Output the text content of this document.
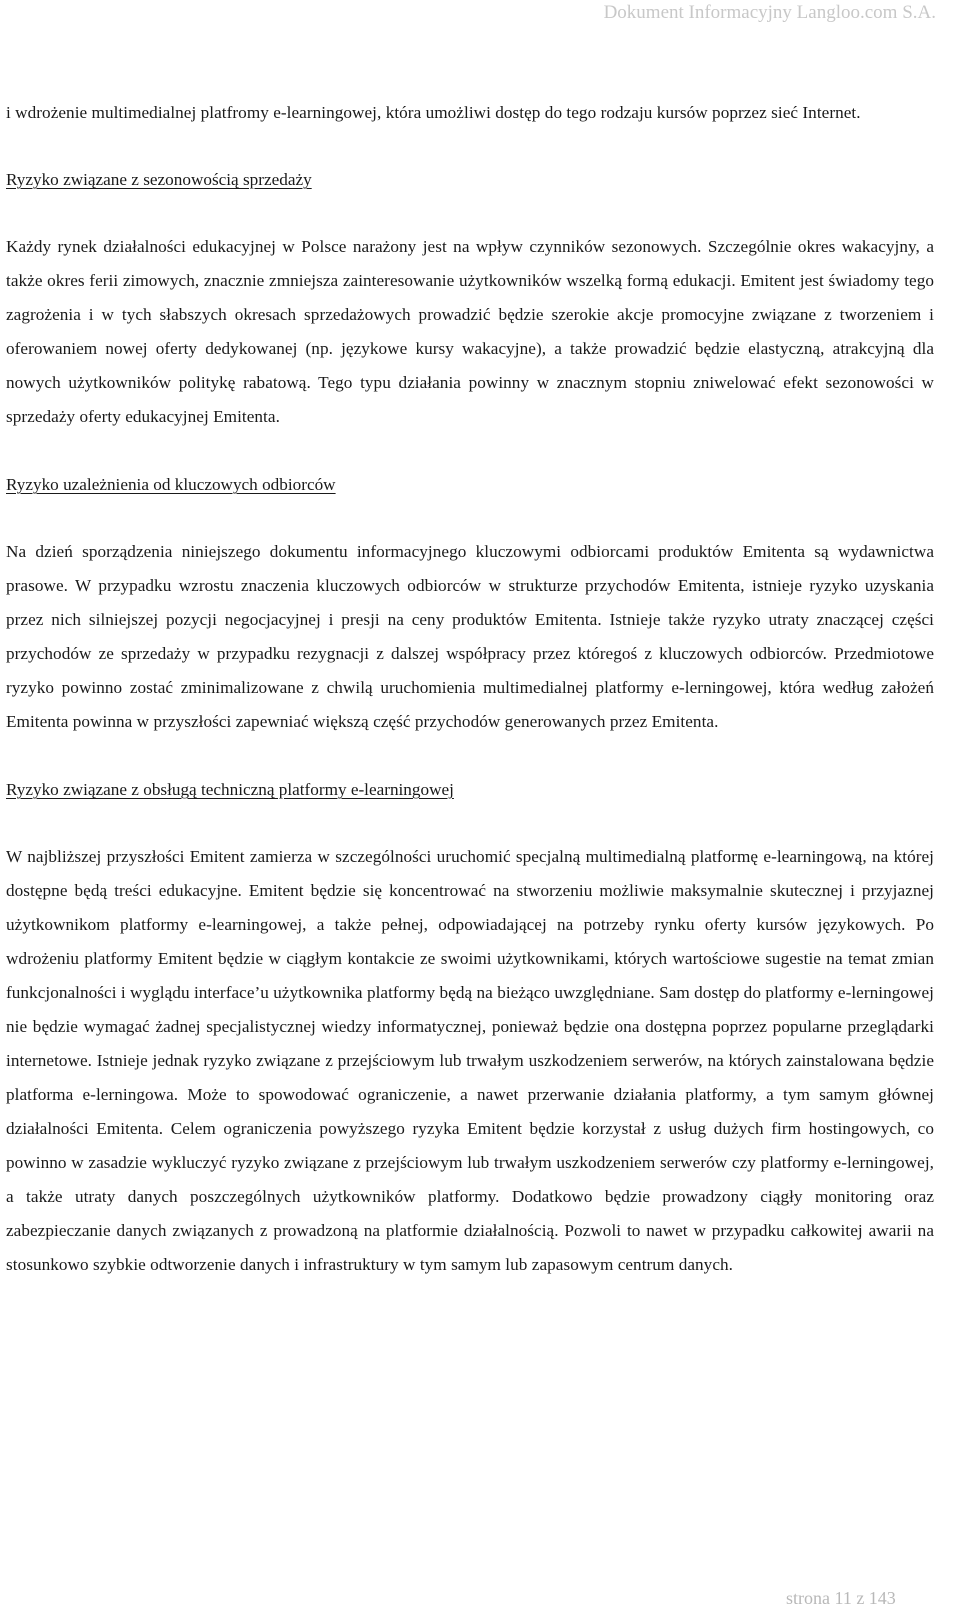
Dokument Informacyjny Langloo.com S.A.

i wdrożenie multimedialnej platfromy e-learningowej, która umożliwi dostęp do tego rodzaju kursów poprzez sieć Internet.

Ryzyko związane z sezonowością sprzedaży

Każdy rynek działalności edukacyjnej w Polsce narażony jest na wpływ czynników sezonowych. Szczególnie okres wakacyjny, a także okres ferii zimowych, znacznie zmniejsza zainteresowanie użytkowników wszelką formą edukacji. Emitent jest świadomy tego zagrożenia i w tych słabszych okresach sprzedażowych prowadzić będzie szerokie akcje promocyjne związane z tworzeniem i oferowaniem nowej oferty dedykowanej (np. językowe kursy wakacyjne), a także prowadzić będzie elastyczną, atrakcyjną dla nowych użytkowników politykę rabatową. Tego typu działania powinny w znacznym stopniu zniwelować efekt sezonowości w sprzedaży oferty edukacyjnej Emitenta.

Ryzyko uzależnienia od kluczowych odbiorców

Na dzień sporządzenia niniejszego dokumentu informacyjnego kluczowymi odbiorcami produktów Emitenta są wydawnictwa prasowe. W przypadku wzrostu znaczenia kluczowych odbiorców w strukturze przychodów Emitenta, istnieje ryzyko uzyskania przez nich silniejszej pozycji negocjacyjnej i presji na ceny produktów Emitenta. Istnieje także ryzyko utraty znaczącej części przychodów ze sprzedaży w przypadku rezygnacji z dalszej współpracy przez któregoś z kluczowych odbiorców. Przedmiotowe ryzyko powinno zostać zminimalizowane z chwilą uruchomienia multimedialnej platformy e-lerningowej, która według założeń Emitenta powinna w przyszłości zapewniać większą część przychodów generowanych przez Emitenta.

Ryzyko związane z obsługą techniczną platformy e-learningowej

W najbliższej przyszłości Emitent zamierza w szczególności uruchomić specjalną multimedialną platformę e-learningową, na której dostępne będą treści edukacyjne. Emitent będzie się koncentrować na stworzeniu możliwie maksymalnie skutecznej i przyjaznej użytkownikom platformy e-learningowej, a także pełnej, odpowiadającej na potrzeby rynku oferty kursów językowych. Po wdrożeniu platformy Emitent będzie w ciągłym kontakcie ze swoimi użytkownikami, których wartościowe sugestie na temat zmian funkcjonalności i wyglądu interface’u użytkownika platformy będą na bieżąco uwzględniane. Sam dostęp do platformy e-lerningowej nie będzie wymagać żadnej specjalistycznej wiedzy informatycznej, ponieważ będzie ona dostępna poprzez popularne przeglądarki internetowe. Istnieje jednak ryzyko związane z przejściowym lub trwałym uszkodzeniem serwerów, na których zainstalowana będzie platforma e-lerningowa. Może to spowodować ograniczenie, a nawet przerwanie działania platformy, a tym samym głównej działalności Emitenta. Celem ograniczenia powyższego ryzyka Emitent będzie korzystał z usług dużych firm hostingowych, co powinno w zasadzie wykluczyć ryzyko związane z przejściowym lub trwałym uszkodzeniem serwerów czy platformy e-lerningowej, a także utraty danych poszczególnych użytkowników platformy. Dodatkowo będzie prowadzony ciągły monitoring oraz zabezpieczanie danych związanych z prowadzoną na platformie działalnością. Pozwoli to nawet w przypadku całkowitej awarii na stosunkowo szybkie odtworzenie danych i infrastruktury w tym samym lub zapasowym centrum danych.

strona 11 z 143
